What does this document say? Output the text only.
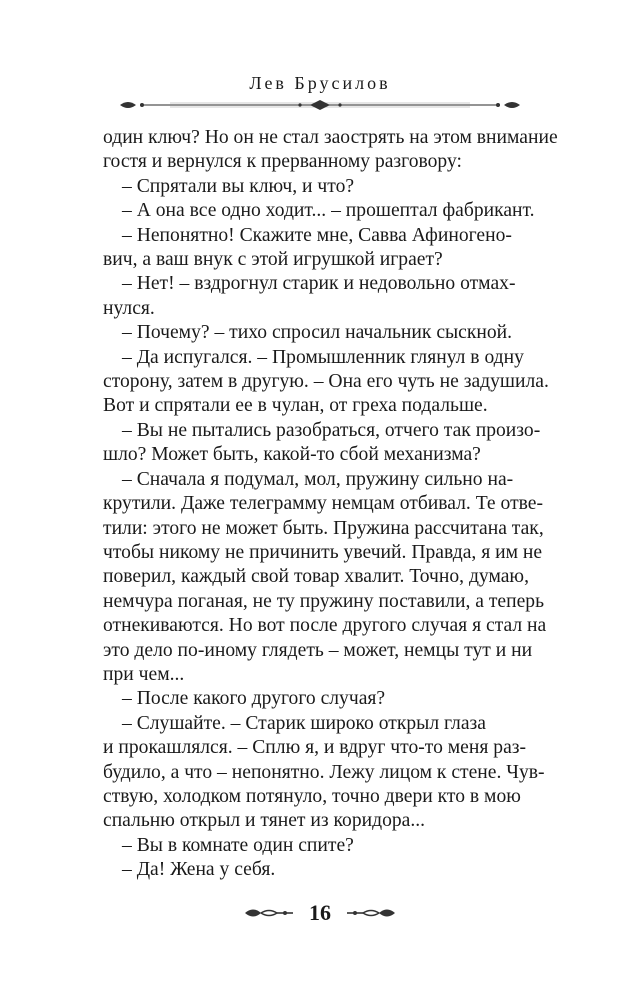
Лев Брусилов
один ключ? Но он не стал заострять на этом внимание
гостя и вернулся к прерванному разговору:
– Спрятали вы ключ, и что?
– А она все одно ходит... – прошептал фабрикант.
– Непонятно! Скажите мне, Савва Афиногено-
вич, а ваш внук с этой игрушкой играет?
– Нет! – вздрогнул старик и недовольно отмах-
нулся.
– Почему? – тихо спросил начальник сыскной.
– Да испугался. – Промышленник глянул в одну
сторону, затем в другую. – Она его чуть не задушила.
Вот и спрятали ее в чулан, от греха подальше.
– Вы не пытались разобраться, отчего так произо-
шло? Может быть, какой-то сбой механизма?
– Сначала я подумал, мол, пружину сильно на-
крутили. Даже телеграмму немцам отбивал. Те отве-
тили: этого не может быть. Пружина рассчитана так,
чтобы никому не причинить увечий. Правда, я им не
поверил, каждый свой товар хвалит. Точно, думаю,
немчура поганая, не ту пружину поставили, а теперь
отнекиваются. Но вот после другого случая я стал на
это дело по-иному глядеть – может, немцы тут и ни
при чем...
– После какого другого случая?
– Слушайте. – Старик широко открыл глаза
и прокашлялся. – Сплю я, и вдруг что-то меня раз-
будило, а что – непонятно. Лежу лицом к стене. Чув-
ствую, холодком потянуло, точно двери кто в мою
спальню открыл и тянет из коридора...
– Вы в комнате один спите?
– Да! Жена у себя.
16
